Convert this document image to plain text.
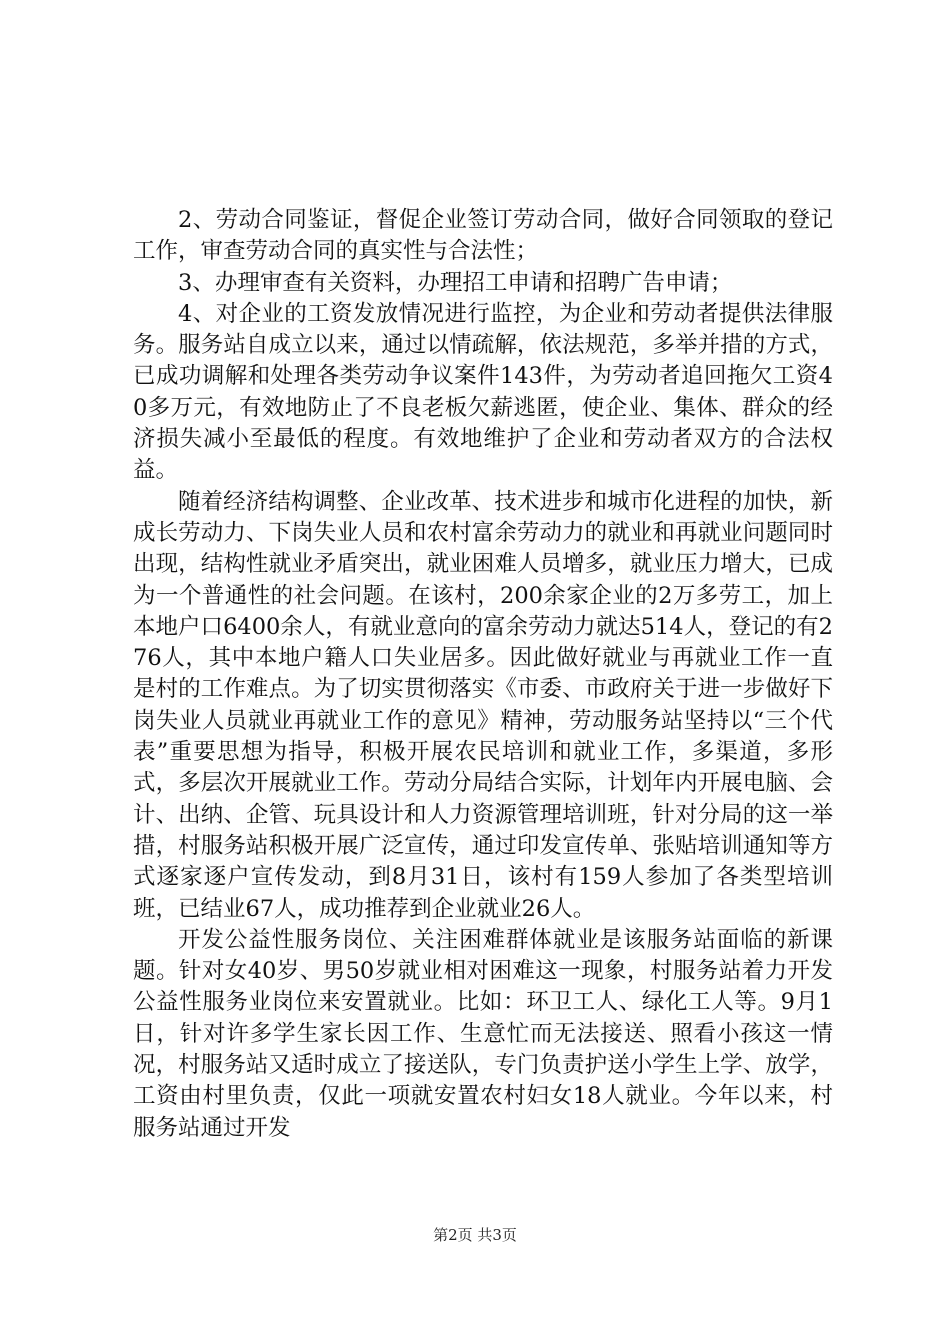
2、劳动合同鉴证，督促企业签订劳动合同，做好合同领取的登记工作，审查劳动合同的真实性与合法性；

3、办理审查有关资料，办理招工申请和招聘广告申请；

4、对企业的工资发放情况进行监控，为企业和劳动者提供法律服务。服务站自成立以来，通过以情疏解，依法规范，多举并措的方式，已成功调解和处理各类劳动争议案件143件，为劳动者追回拖欠工资40多万元，有效地防止了不良老板欠薪逃匿，使企业、集体、群众的经济损失减小至最低的程度。有效地维护了企业和劳动者双方的合法权益。

随着经济结构调整、企业改革、技术进步和城市化进程的加快，新成长劳动力、下岗失业人员和农村富余劳动力的就业和再就业问题同时出现，结构性就业矛盾突出，就业困难人员增多，就业压力增大，已成为一个普通性的社会问题。在该村，200余家企业的2万多劳工，加上本地户口6400余人，有就业意向的富余劳动力就达514人，登记的有276人，其中本地户籍人口失业居多。因此做好就业与再就业工作一直是村的工作难点。为了切实贯彻落实《市委、市政府关于进一步做好下岗失业人员就业再就业工作的意见》精神，劳动服务站坚持以“三个代表”重要思想为指导，积极开展农民培训和就业工作，多渠道，多形式，多层次开展就业工作。劳动分局结合实际，计划年内开展电脑、会计、出纳、企管、玩具设计和人力资源管理培训班，针对分局的这一举措，村服务站积极开展广泛宣传，通过印发宣传单、张贴培训通知等方式逐家逐户宣传发动，到8月31日，该村有159人参加了各类型培训班，已结业67人，成功推荐到企业就业26人。

开发公益性服务岗位、关注困难群体就业是该服务站面临的新课题。针对女40岁、男50岁就业相对困难这一现象，村服务站着力开发公益性服务业岗位来安置就业。比如：环卫工人、绿化工人等。9月1日，针对许多学生家长因工作、生意忙而无法接送、照看小孩这一情况，村服务站又适时成立了接送队，专门负责护送小学生上学、放学，工资由村里负责，仅此一项就安置农村妇女18人就业。今年以来，村服务站通过开发

第2页 共3页
